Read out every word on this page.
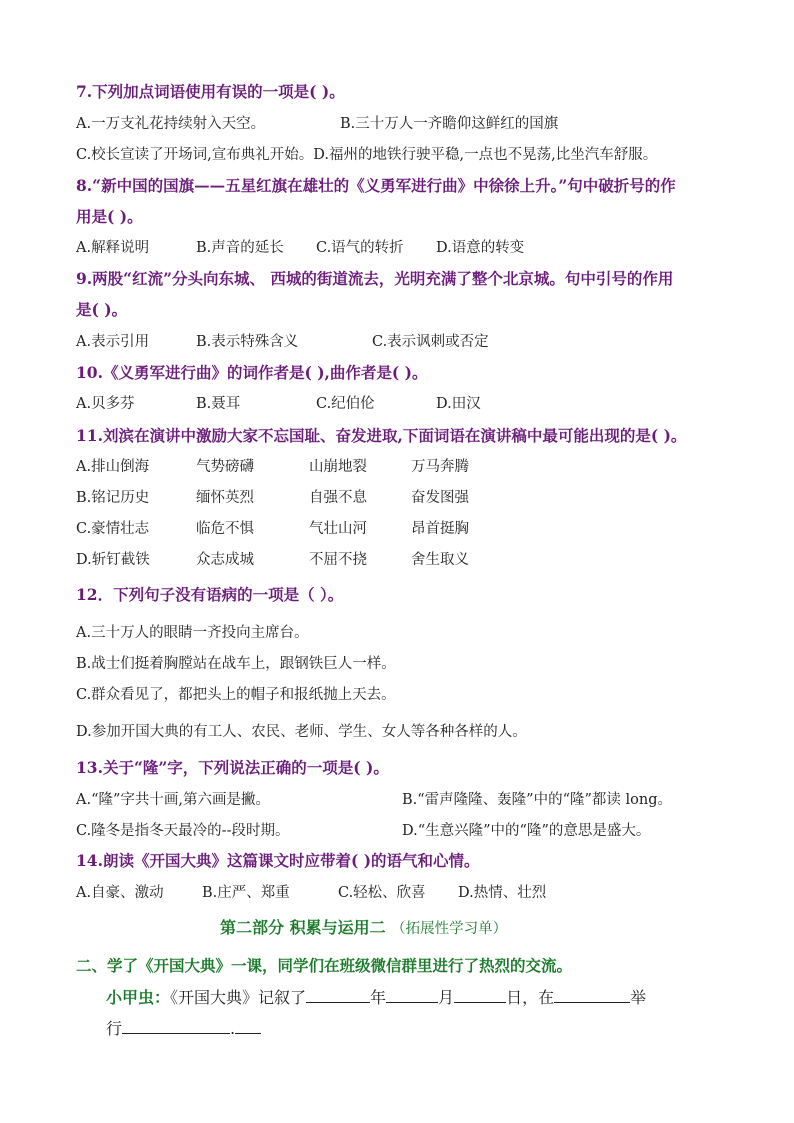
7.下列加点词语使用有误的一项是( )。
A.一万支礼花持续射入天空。	B.三十万人一齐瞻仰这鲜红的国旗
C.校长宣读了开场词,宣布典礼开始。D.福州的地铁行驶平稳,一点也不晃荡,比坐汽车舒服。
8.“新中国的国旗——五星红旗在雄壮的《义勇军进行曲》中徐徐上升。”句中破折号的作
用是( )。
A.解释说明	B.声音的延长 C.语气的转折 D.语意的转变
9.两股“红流”分头向东城、 西城的街道流去，光明充满了整个北京城。句中引号的作用
是( )。
A.表示引用	B.表示特殊含义	C.表示讽刺或否定
10.《义勇军进行曲》的词作者是( ),曲作者是( )。
A.贝多芬	B.聂耳	C.纪伯伦	D.田汉
11.刘滨在演讲中激励大家不忘国耻、奋发进取,下面词语在演讲稿中最可能出现的是( )。
A.排山倒海	气势磅礴	山崩地裂	万马奔腾
B.铭记历史	缅怀英烈	自强不息	奋发图强
C.豪情壮志	临危不惧	气壮山河	昂首挺胸
D.斩钉截铁	众志成城	不屈不挠	舍生取义
12．下列句子没有语病的一项是（ ）。
A.三十万人的眼睛一齐投向主席台。
B.战士们挺着胸膛站在战车上，跟钢铁巨人一样。
C.群众看见了，都把头上的帽子和报纸抛上天去。
D.参加开国大典的有工人、农民、老师、学生、女人等各种各样的人。
13.关于“隆”字，下列说法正确的一项是( )。
A.“隆”字共十画,第六画是撇。	B.“雷声隆隆、轰隆”中的“隆”都读 long。
C.隆冬是指冬天最冷的--段时期。	D.“生意兴隆”中的“隆”的意思是盛大。
14.朗读《开国大典》这篇课文时应带着( )的语气和心情。
A.自豪、激动	B.庄严、郑重	C.轻松、欣喜 D.热情、壮烈
第二部分 积累与运用二 （拓展性学习单）
二、学了《开国大典》一课，同学们在班级微信群里进行了热烈的交流。
小甲虫：《开国大典》记叙了	年	月	日，在	举
行	.
